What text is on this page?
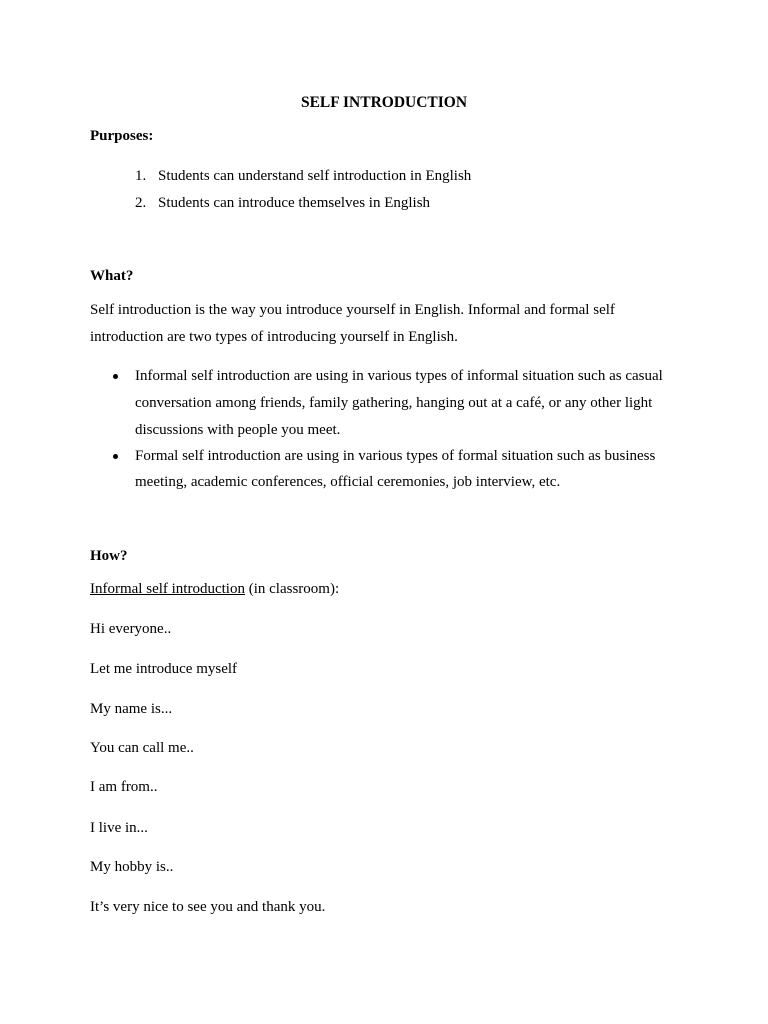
SELF INTRODUCTION
Purposes:
1. Students can understand self introduction in English
2. Students can introduce themselves in English
What?
Self introduction is the way you introduce yourself in English. Informal and formal self
introduction are two types of introducing yourself in English.
Informal self introduction are using in various types of informal situation such as casual
conversation among friends, family gathering, hanging out at a café, or any other light
discussions with people you meet.
Formal self introduction are using in various types of formal situation such as business
meeting, academic conferences, official ceremonies, job interview, etc.
How?
Informal self introduction (in classroom):
Hi everyone..
Let me introduce myself
My name is...
You can call me..
I am from..
I live in...
My hobby is..
It’s very nice to see you and thank you.
